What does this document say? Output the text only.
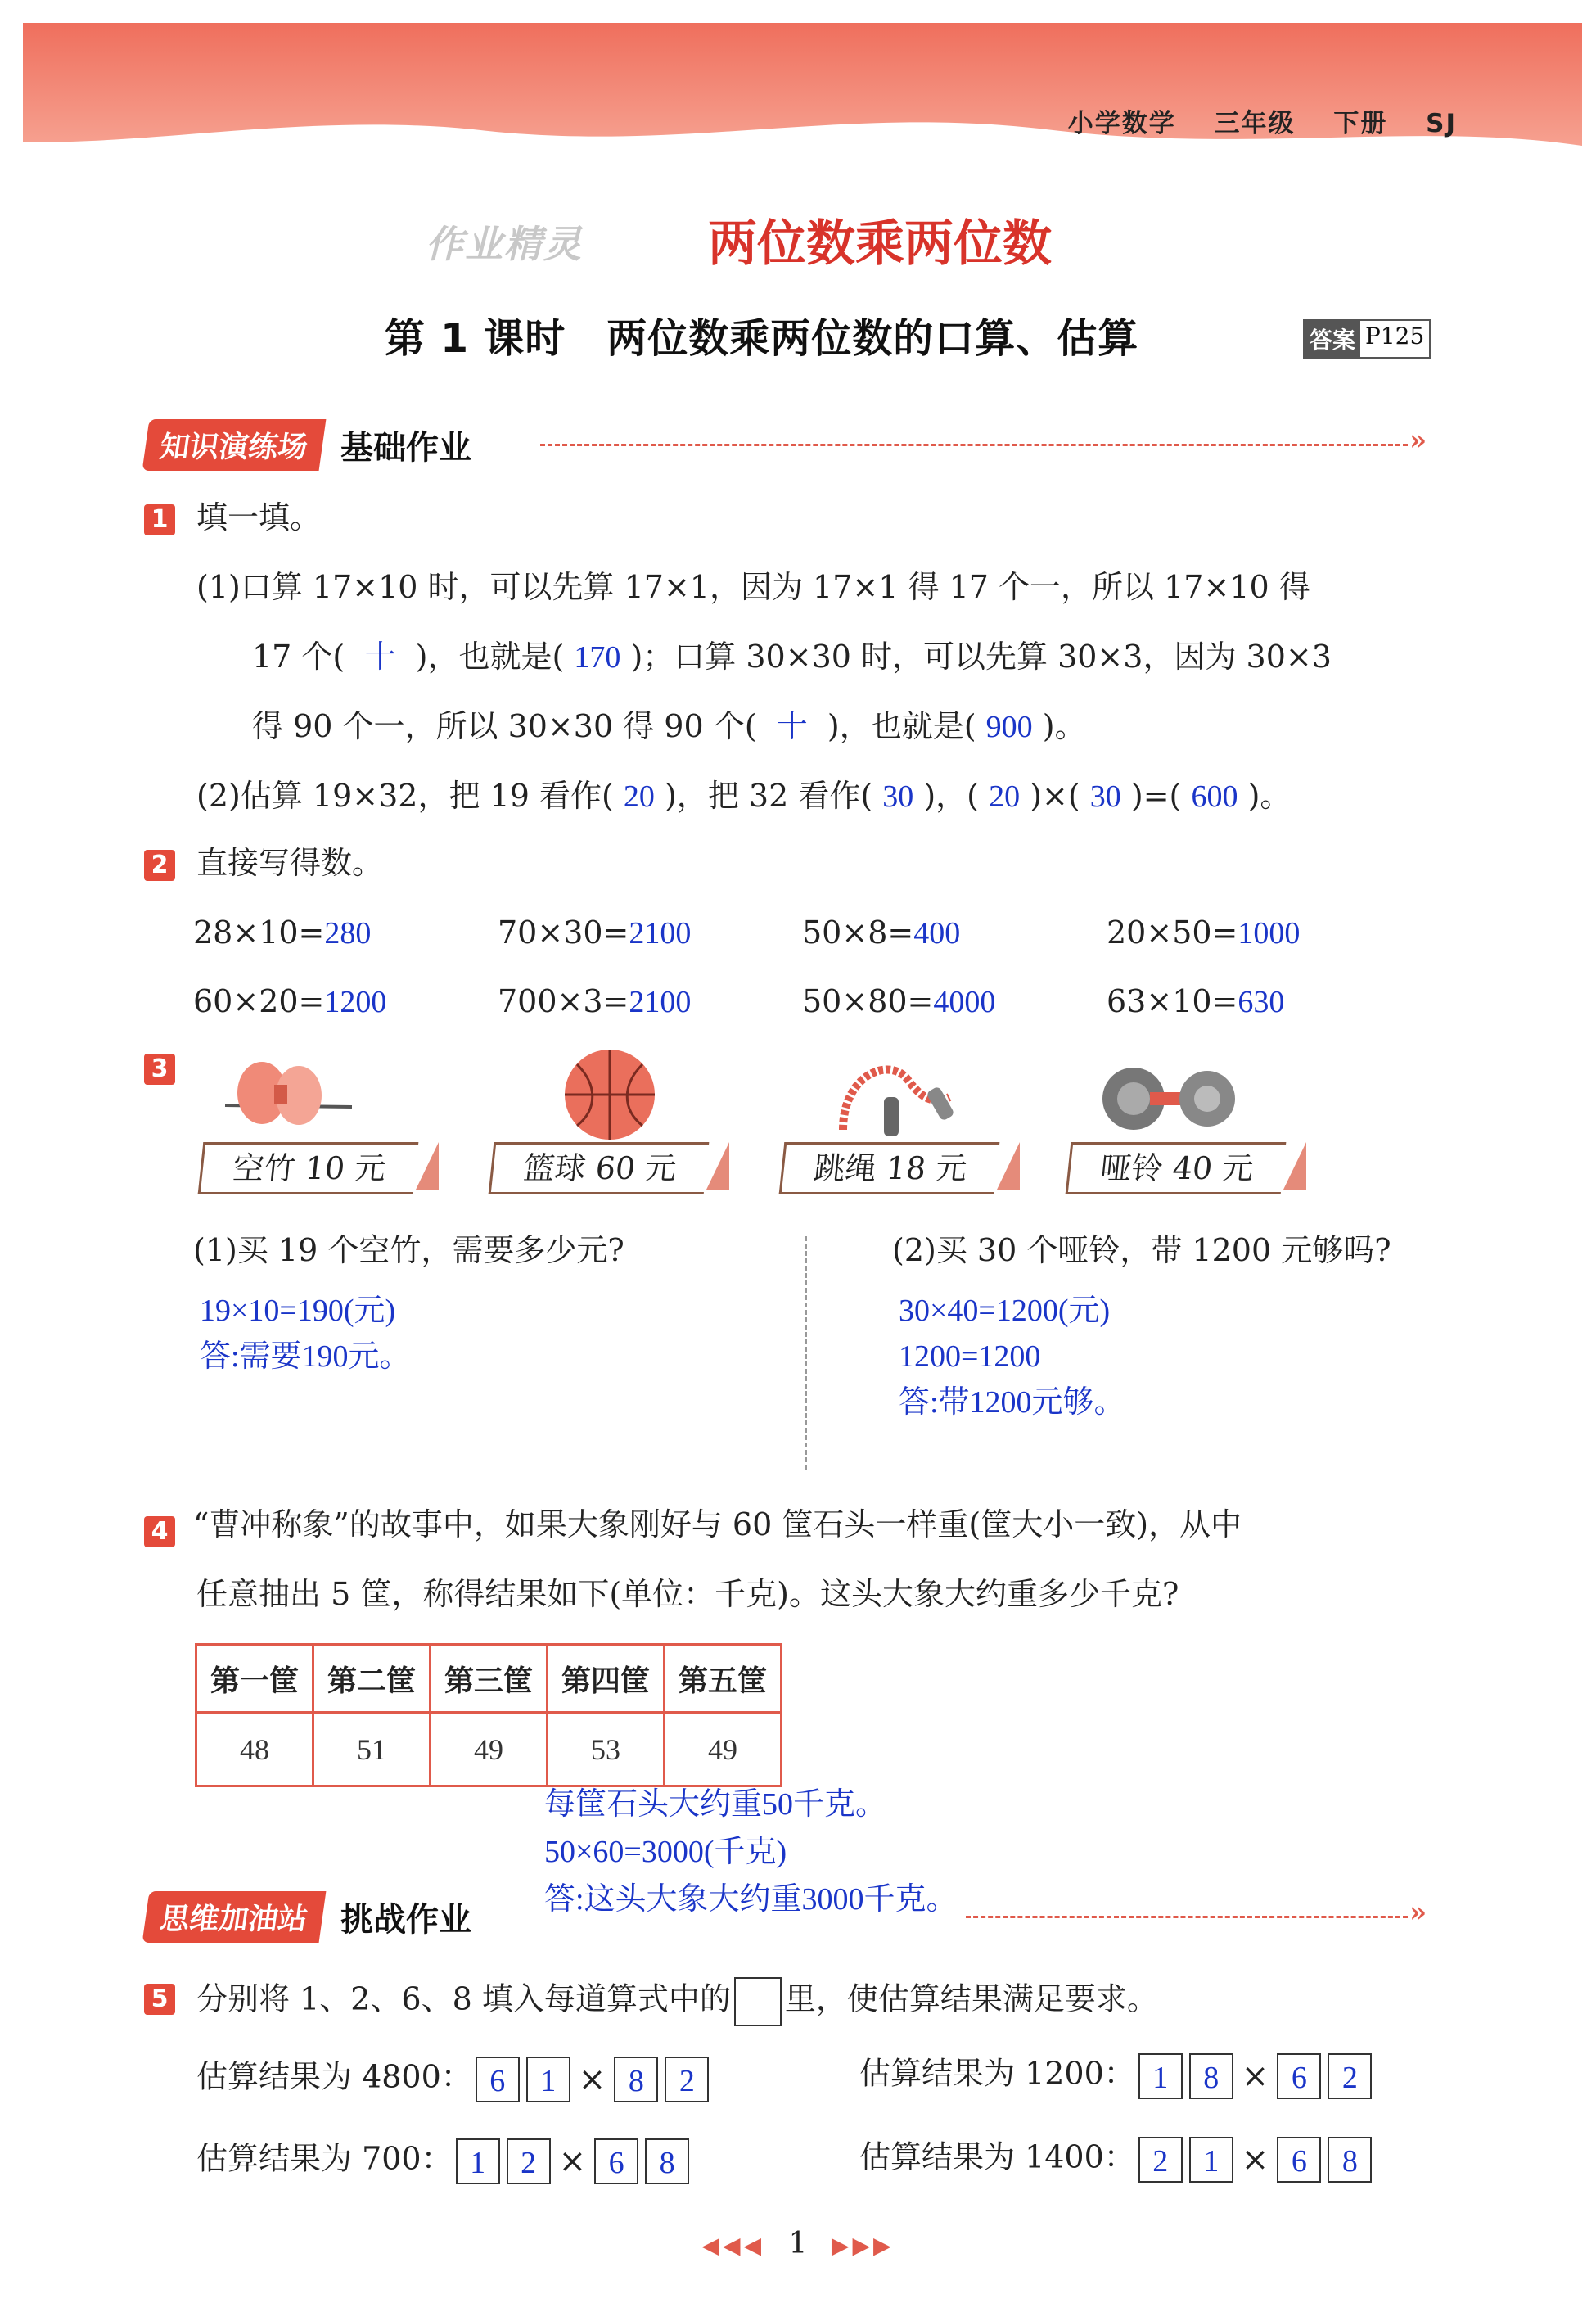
小学数学 三年级 下册 SJ
作业精灵	两位数乘两位数
第 1 课时　两位数乘两位数的口算、估算	答案 P125
知识演练场 基础作业	»
1 填一填。
(1)口算 17×10 时，可以先算 17×1，因为 17×1 得 17 个一，所以 17×10 得
17 个( 十 )，也就是( 170 )；口算 30×30 时，可以先算 30×3，因为 30×3
得 90 个一，所以 30×30 得 90 个( 十 )，也就是( 900 )。
(2)估算 19×32，把 19 看作( 20 )，把 32 看作( 30 )，( 20 )×( 30 )=( 600 )。
2 直接写得数。
28×10=280	70×30=2100	50×8=400	20×50=1000
60×20=1200	700×3=2100	50×80=4000	63×10=630
3
空竹 10 元	篮球 60 元	跳绳 18 元	哑铃 40 元
(1)买 19 个空竹，需要多少元?
19×10=190(元)
答:需要190元。
(2)买 30 个哑铃，带 1200 元够吗?
30×40=1200(元)
1200=1200
答:带1200元够。
4 “曹冲称象”的故事中，如果大象刚好与 60 筐石头一样重(筐大小一致)，从中
任意抽出 5 筐，称得结果如下(单位：千克)。这头大象大约重多少千克?
第一筐	第二筐	第三筐	第四筐	第五筐
48	51	49	53	49
每筐石头大约重50千克。
50×60=3000(千克)
答:这头大象大约重3000千克。
思维加油站 挑战作业	»
5 分别将 1、2、6、8 填入每道算式中的 里，使估算结果满足要求。
估算结果为 4800： 6 1 × 8 2	估算结果为 1200： 1 8 × 6 2
估算结果为 700： 1 2 × 6 8	估算结果为 1400： 2 1 × 6 8
◀◀◀ 1 ▶▶▶
